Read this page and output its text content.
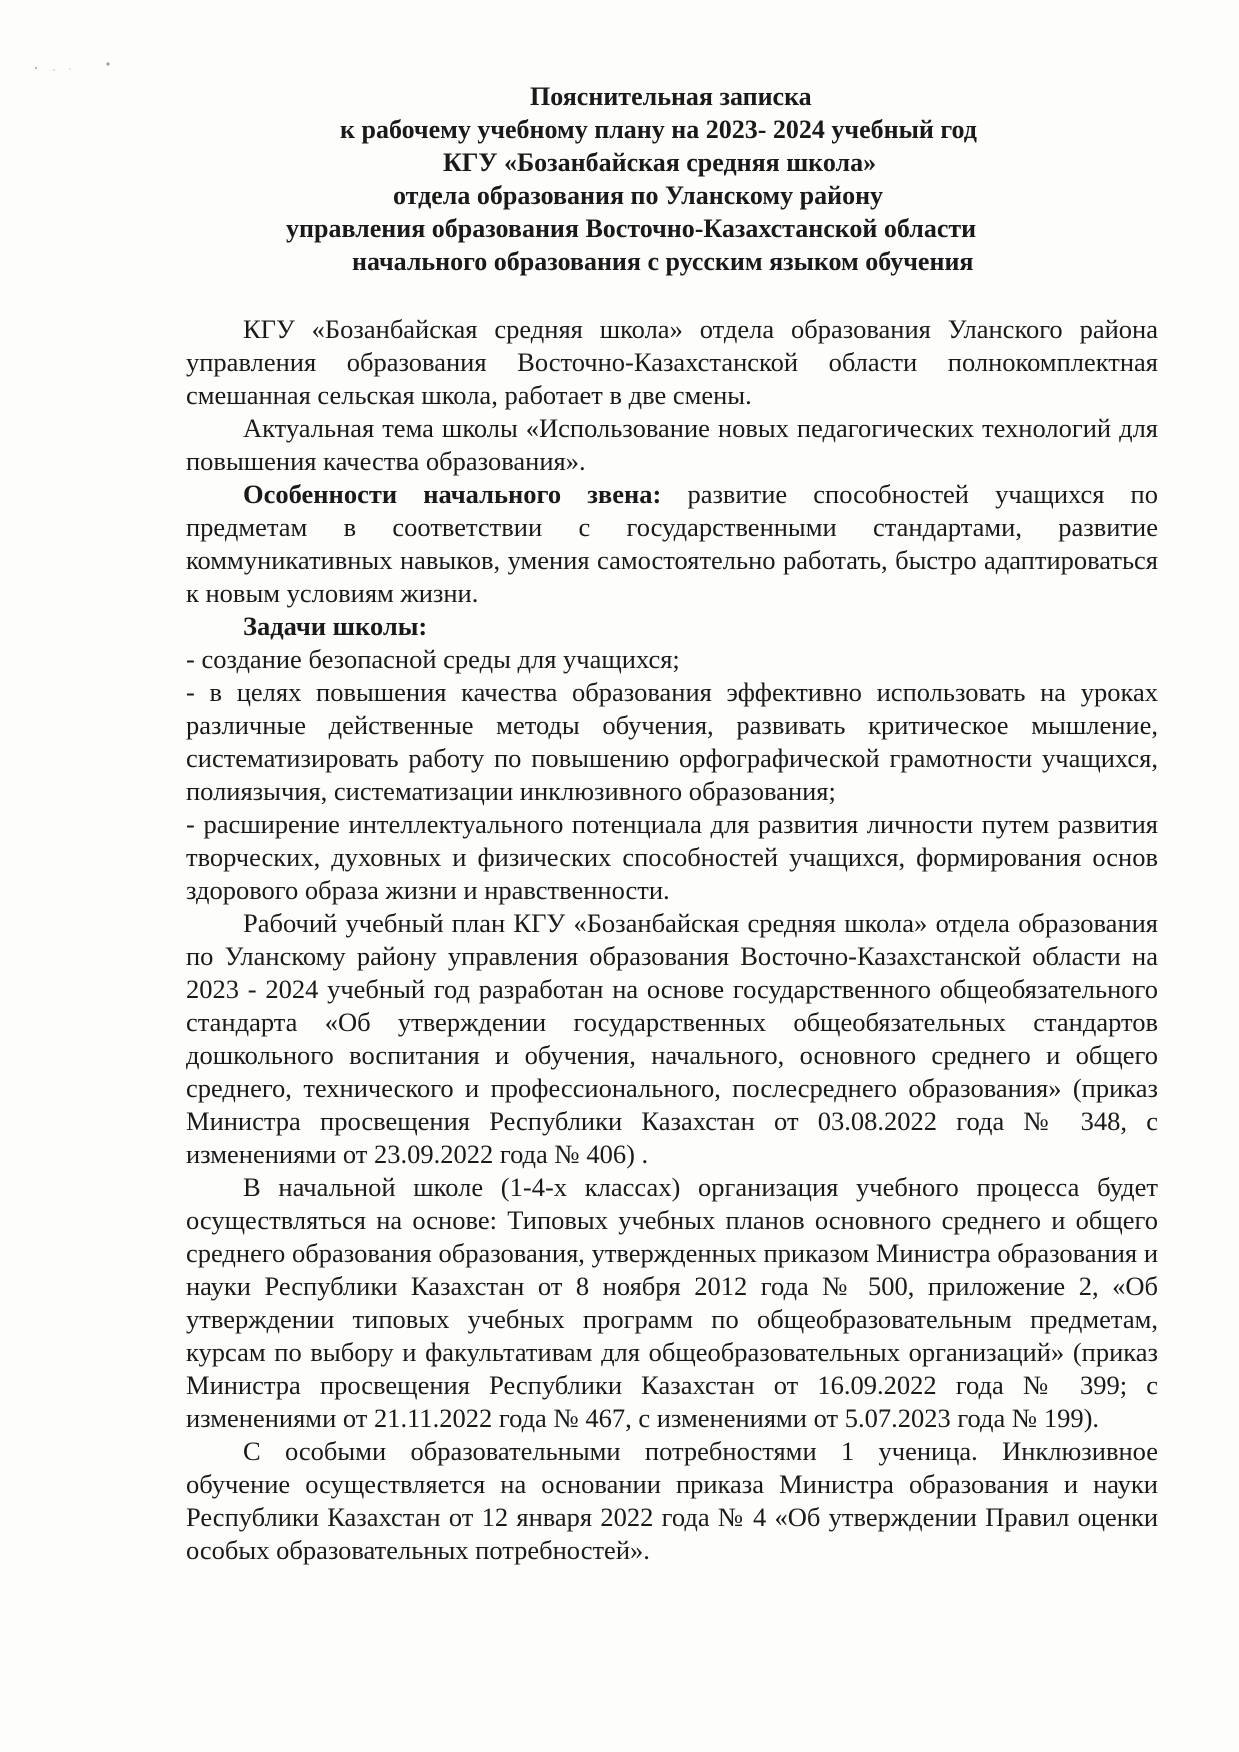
Пояснительная записка
к рабочему учебному плану на 2023- 2024 учебный год
КГУ «Бозанбайская средняя школа»
отдела образования по Уланскому району
управления образования Восточно-Казахстанской области
начального образования с русским языком обучения

КГУ «Бозанбайская средняя школа» отдела образования Уланского района управления образования Восточно-Казахстанской области полнокомплектная смешанная сельская школа, работает в две смены.

Актуальная тема школы «Использование новых педагогических технологий для повышения качества образования».

Особенности начального звена: развитие способностей учащихся по предметам в соответствии с государственными стандартами, развитие коммуникативных навыков, умения самостоятельно работать, быстро адаптироваться к новым условиям жизни.

Задачи школы:

- создание безопасной среды для учащихся;

- в целях повышения качества образования эффективно использовать на уроках различные действенные методы обучения, развивать критическое мышление, систематизировать работу по повышению орфографической грамотности учащихся, полиязычия, систематизации инклюзивного образования;

- расширение интеллектуального потенциала для развития личности путем развития творческих, духовных и физических способностей учащихся, формирования основ здорового образа жизни и нравственности.

Рабочий учебный план КГУ «Бозанбайская средняя школа» отдела образования по Уланскому району управления образования Восточно-Казахстанской области на 2023 - 2024 учебный год разработан на основе государственного общеобязательного стандарта «Об утверждении государственных общеобязательных стандартов дошкольного воспитания и обучения, начального, основного среднего и общего среднего, технического и профессионального, послесреднего образования» (приказ Министра просвещения Республики Казахстан от 03.08.2022 года № 348, с изменениями от 23.09.2022 года № 406) .

В начальной школе (1-4-х классах) организация учебного процесса будет осуществляться на основе: Типовых учебных планов основного среднего и общего среднего образования образования, утвержденных приказом Министра образования и науки Республики Казахстан от 8 ноября 2012 года № 500, приложение 2, «Об утверждении типовых учебных программ по общеобразовательным предметам, курсам по выбору и факультативам для общеобразовательных организаций» (приказ Министра просвещения Республики Казахстан от 16.09.2022 года № 399; с изменениями от 21.11.2022 года № 467, с изменениями от 5.07.2023 года № 199).

С особыми образовательными потребностями 1 ученица. Инклюзивное обучение осуществляется на основании приказа Министра образования и науки Республики Казахстан от 12 января 2022 года № 4 «Об утверждении Правил оценки особых образовательных потребностей».
